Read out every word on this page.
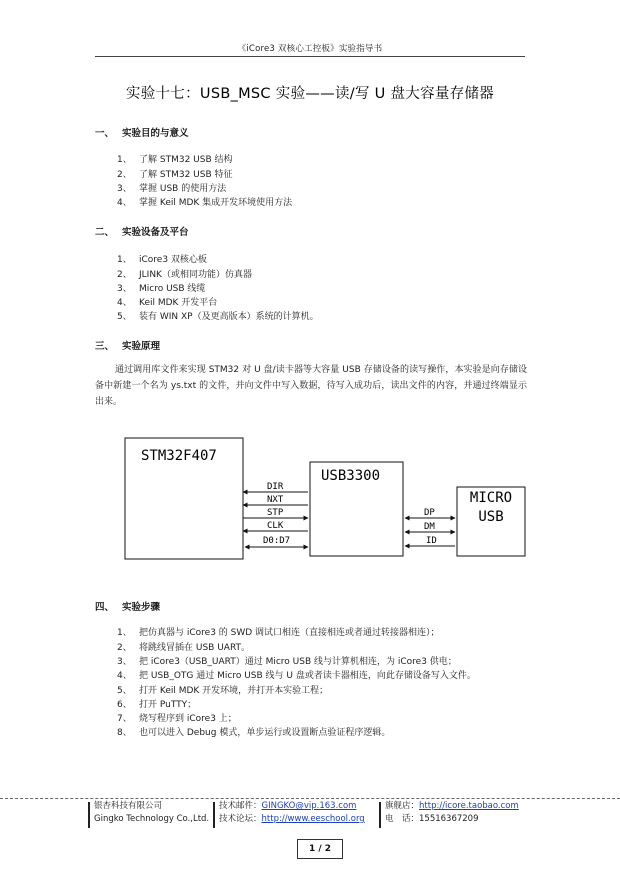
《iCore3 双核心工控板》实验指导书
实验十七：USB_MSC 实验——读/写 U 盘大容量存储器
一、 实验目的与意义
1、 了解 STM32 USB 结构
2、 了解 STM32 USB 特征
3、 掌握 USB 的使用方法
4、 掌握 Keil MDK 集成开发环境使用方法
二、 实验设备及平台
1、 iCore3 双核心板
2、 JLINK（或相同功能）仿真器
3、 Micro USB 线缆
4、 Keil MDK 开发平台
5、 装有 WIN XP（及更高版本）系统的计算机。
三、 实验原理

通过调用库文件来实现 STM32 对 U 盘/读卡器等大容量 USB 存储设备的读写操作，本实验是向存储设备中新建一个名为 ys.txt 的文件，并向文件中写入数据，待写入成功后，读出文件的内容，并通过终端显示出来。

STM32F407
USB3300
MICRO
USB
DIR
NXT
STP
CLK
D0:D7
DP
DM
ID
四、 实验步骤
1、 把仿真器与 iCore3 的 SWD 调试口相连（直接相连或者通过转接器相连）；
2、 将跳线冒插在 USB UART。
3、 把 iCore3（USB_UART）通过 Micro USB 线与计算机相连，为 iCore3 供电；
4、 把 USB_OTG 通过 Micro USB 线与 U 盘或者读卡器相连，向此存储设备写入文件。
5、 打开 Keil MDK 开发环境，并打开本实验工程；
6、 打开 PuTTY；
7、 烧写程序到 iCore3 上；
8、 也可以进入 Debug 模式，单步运行或设置断点验证程序逻辑。
银杏科技有限公司
Gingko Technology Co.,Ltd.
技术邮件：GINGKO@vip.163.com
技术论坛：http://www.eeschool.org
旗舰店：http://icore.taobao.com
电　话：15516367209
1 / 2
